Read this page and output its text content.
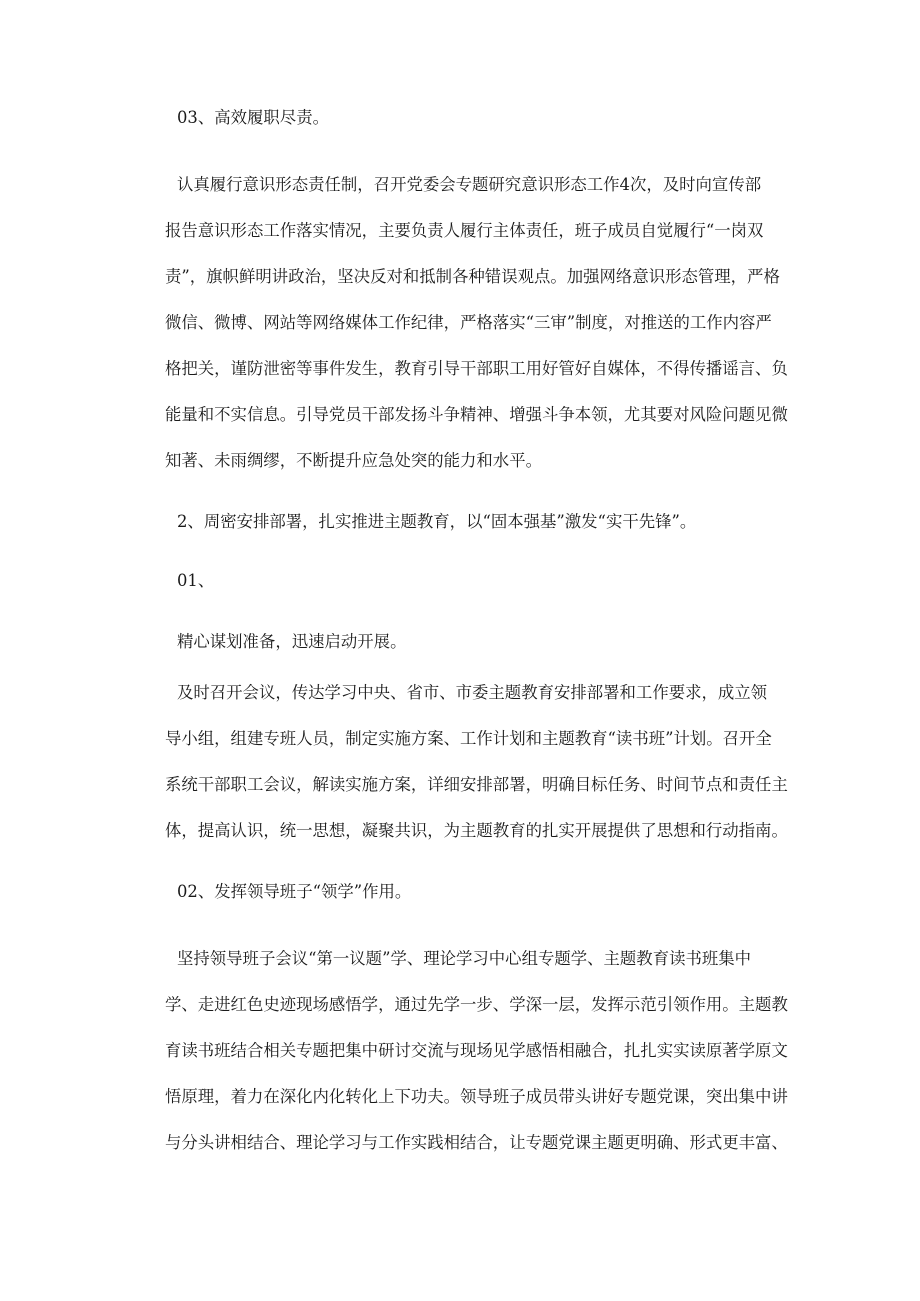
03、高效履职尽责。

认真履行意识形态责任制，召开党委会专题研究意识形态工作4次，及时向宣传部

报告意识形态工作落实情况，主要负责人履行主体责任，班子成员自觉履行“一岗双

责”，旗帜鲜明讲政治，坚决反对和抵制各种错误观点。加强网络意识形态管理，严格

微信、微博、网站等网络媒体工作纪律，严格落实“三审”制度，对推送的工作内容严

格把关，谨防泄密等事件发生，教育引导干部职工用好管好自媒体，不得传播谣言、负

能量和不实信息。引导党员干部发扬斗争精神、增强斗争本领，尤其要对风险问题见微

知著、未雨绸缪，不断提升应急处突的能力和水平。

2、周密安排部署，扎实推进主题教育，以“固本强基”激发“实干先锋”。

01、

精心谋划准备，迅速启动开展。

及时召开会议，传达学习中央、省市、市委主题教育安排部署和工作要求，成立领

导小组，组建专班人员，制定实施方案、工作计划和主题教育“读书班”计划。召开全

系统干部职工会议，解读实施方案，详细安排部署，明确目标任务、时间节点和责任主

体，提高认识，统一思想，凝聚共识，为主题教育的扎实开展提供了思想和行动指南。

02、发挥领导班子“领学”作用。

坚持领导班子会议“第一议题”学、理论学习中心组专题学、主题教育读书班集中

学、走进红色史迹现场感悟学，通过先学一步、学深一层，发挥示范引领作用。主题教

育读书班结合相关专题把集中研讨交流与现场见学感悟相融合，扎扎实实读原著学原文

悟原理，着力在深化内化转化上下功夫。领导班子成员带头讲好专题党课，突出集中讲

与分头讲相结合、理论学习与工作实践相结合，让专题党课主题更明确、形式更丰富、
